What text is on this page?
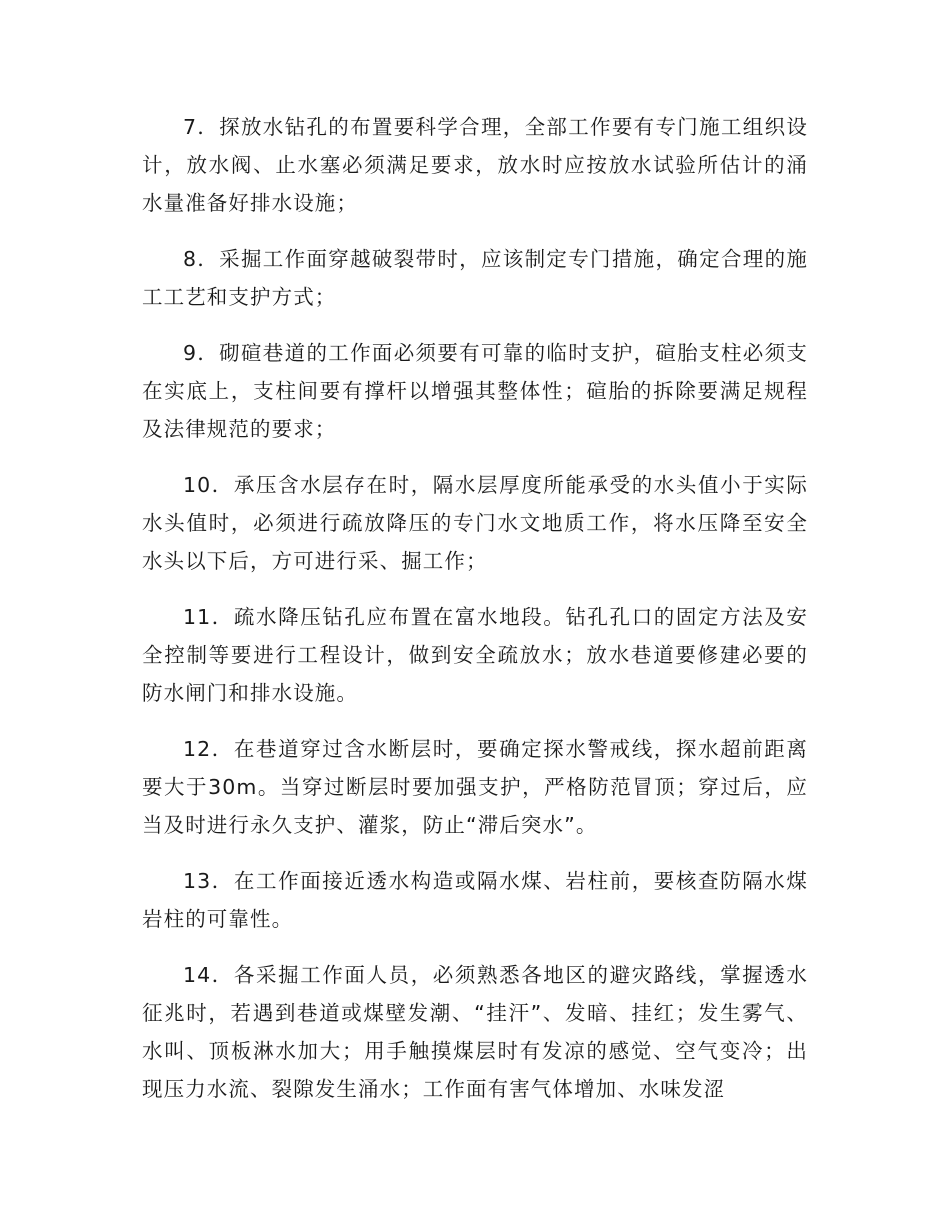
7．探放水钻孔的布置要科学合理，全部工作要有专门施工组织设计，放水阀、止水塞必须满足要求，放水时应按放水试验所估计的涌水量准备好排水设施；

8．采掘工作面穿越破裂带时，应该制定专门措施，确定合理的施工工艺和支护方式；

9．砌碹巷道的工作面必须要有可靠的临时支护，碹胎支柱必须支在实底上，支柱间要有撑杆以增强其整体性；碹胎的拆除要满足规程及法律规范的要求；

10．承压含水层存在时，隔水层厚度所能承受的水头值小于实际水头值时，必须进行疏放降压的专门水文地质工作，将水压降至安全水头以下后，方可进行采、掘工作；

11．疏水降压钻孔应布置在富水地段。钻孔孔口的固定方法及安全控制等要进行工程设计，做到安全疏放水；放水巷道要修建必要的防水闸门和排水设施。

12．在巷道穿过含水断层时，要确定探水警戒线，探水超前距离要大于30m。当穿过断层时要加强支护，严格防范冒顶；穿过后，应当及时进行永久支护、灌浆，防止“滞后突水”。

13．在工作面接近透水构造或隔水煤、岩柱前，要核查防隔水煤岩柱的可靠性。

14．各采掘工作面人员，必须熟悉各地区的避灾路线，掌握透水征兆时，若遇到巷道或煤壁发潮、“挂汗”、发暗、挂红；发生雾气、水叫、顶板淋水加大；用手触摸煤层时有发凉的感觉、空气变冷；出现压力水流、裂隙发生涌水；工作面有害气体增加、水味发涩
